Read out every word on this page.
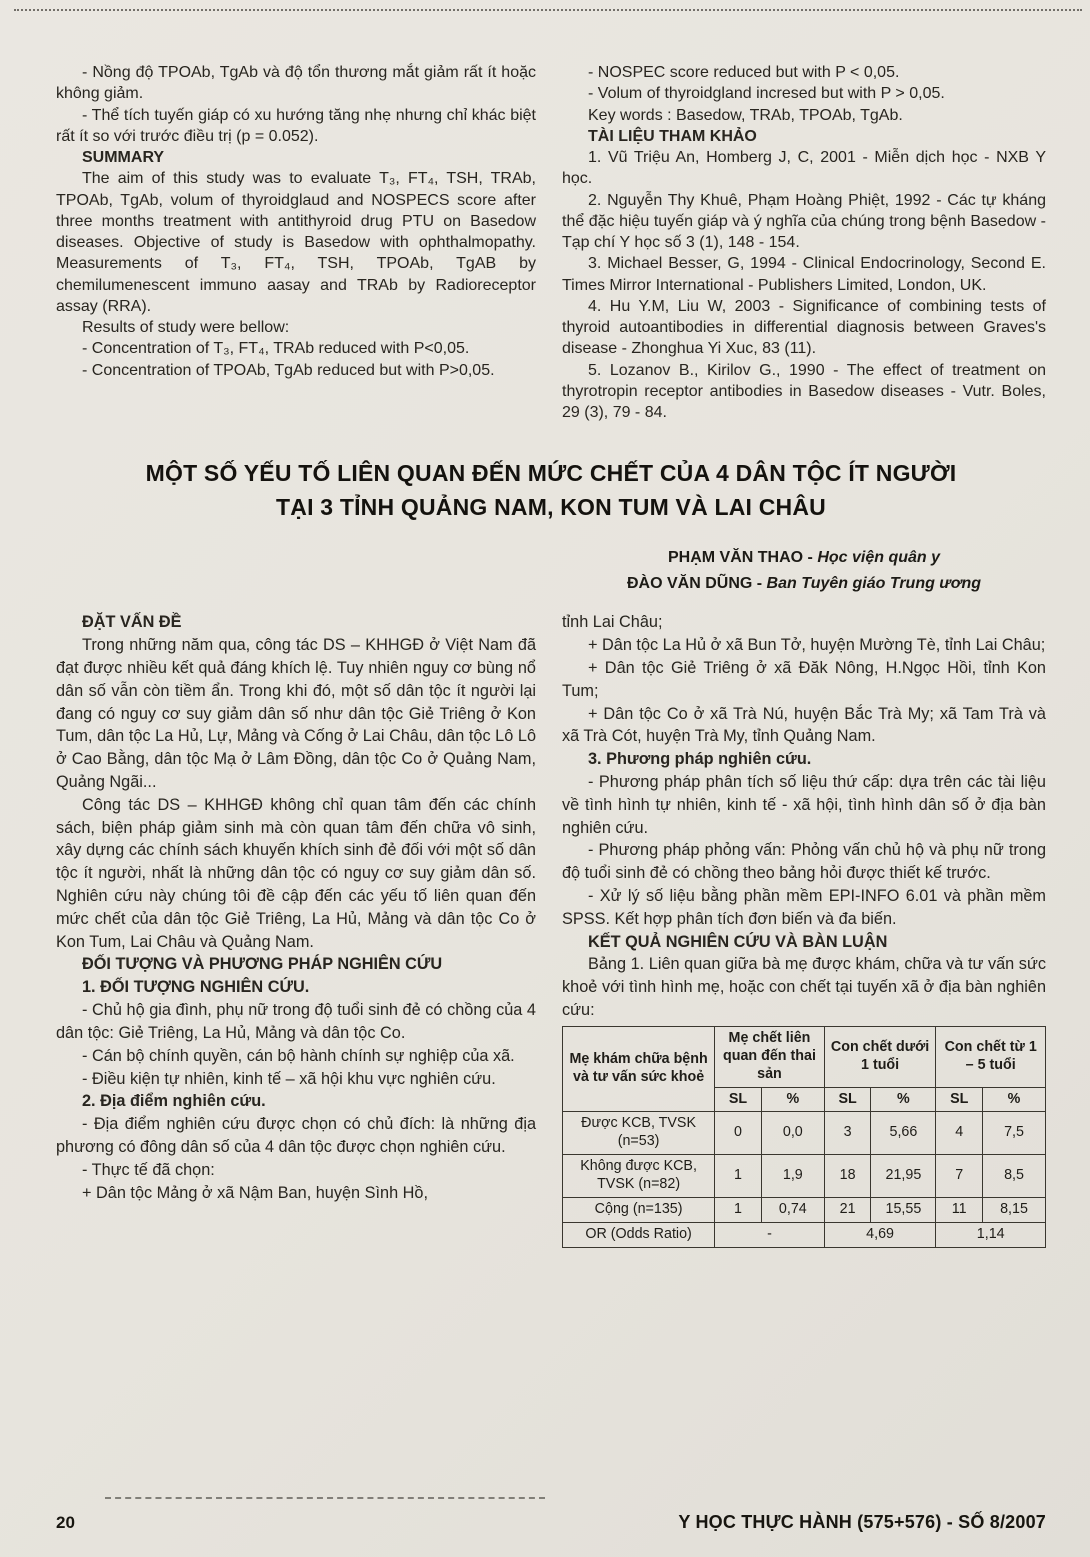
- Nồng độ TPOAb, TgAb và độ tổn thương mắt giảm rất ít hoặc không giảm.

- Thể tích tuyến giáp có xu hướng tăng nhẹ nhưng chỉ khác biệt rất ít so với trước điều trị (p = 0.052).

SUMMARY

The aim of this study was to evaluate T₃, FT₄, TSH, TRAb, TPOAb, TgAb, volum of thyroidglaud and NOSPECS score after three months treatment with antithyroid drug PTU on Basedow diseases. Objective of study is Basedow with ophthalmopathy. Measurements of T₃, FT₄, TSH, TPOAb, TgAB by chemilumenescent immuno aasay and TRAb by Radioreceptor assay (RRA).

Results of study were bellow:

- Concentration of T₃, FT₄, TRAb reduced with P<0,05.

- Concentration of TPOAb, TgAb reduced but with P>0,05.

- NOSPEC score reduced but with P < 0,05.

- Volum of thyroidgland incresed but with P > 0,05.

Key words : Basedow, TRAb, TPOAb, TgAb.

TÀI LIỆU THAM KHẢO

1. Vũ Triệu An, Homberg J, C, 2001 - Miễn dịch học - NXB Y học.

2. Nguyễn Thy Khuê, Phạm Hoàng Phiệt, 1992 - Các tự kháng thể đặc hiệu tuyến giáp và ý nghĩa của chúng trong bệnh Basedow - Tạp chí Y học số 3 (1), 148 - 154.

3. Michael Besser, G, 1994 - Clinical Endocrinology, Second E. Times Mirror International - Publishers Limited, London, UK.

4. Hu Y.M, Liu W, 2003 - Significance of combining tests of thyroid autoantibodies in differential diagnosis between Graves's disease - Zhonghua Yi Xuc, 83 (11).

5. Lozanov B., Kirilov G., 1990 - The effect of treatment on thyrotropin receptor antibodies in Basedow diseases - Vutr. Boles, 29 (3), 79 - 84.

MỘT SỐ YẾU TỐ LIÊN QUAN ĐẾN MỨC CHẾT CỦA 4 DÂN TỘC ÍT NGƯỜI
TẠI 3 TỈNH QUẢNG NAM, KON TUM VÀ LAI CHÂU
PHẠM VĂN THAO - Học viện quân y
ĐÀO VĂN DŨNG - Ban Tuyên giáo Trung ương

ĐẶT VẤN ĐỀ

Trong những năm qua, công tác DS – KHHGĐ ở Việt Nam đã đạt được nhiều kết quả đáng khích lệ. Tuy nhiên nguy cơ bùng nổ dân số vẫn còn tiềm ẩn. Trong khi đó, một số dân tộc ít người lại đang có nguy cơ suy giảm dân số như dân tộc Giẻ Triêng ở Kon Tum, dân tộc La Hủ, Lự, Mảng và Cống ở Lai Châu, dân tộc Lô Lô ở Cao Bằng, dân tộc Mạ ở Lâm Đồng, dân tộc Co ở Quảng Nam, Quảng Ngãi...

Công tác DS – KHHGĐ không chỉ quan tâm đến các chính sách, biện pháp giảm sinh mà còn quan tâm đến chữa vô sinh, xây dựng các chính sách khuyến khích sinh đẻ đối với một số dân tộc ít người, nhất là những dân tộc có nguy cơ suy giảm dân số. Nghiên cứu này chúng tôi đề cập đến các yếu tố liên quan đến mức chết của dân tộc Giẻ Triêng, La Hủ, Mảng và dân tộc Co ở Kon Tum, Lai Châu và Quảng Nam.

ĐỐI TƯỢNG VÀ PHƯƠNG PHÁP NGHIÊN CỨU

1. ĐỐI TƯỢNG NGHIÊN CỨU.

- Chủ hộ gia đình, phụ nữ trong độ tuổi sinh đẻ có chồng của 4 dân tộc: Giẻ Triêng, La Hủ, Mảng và dân tộc Co.

- Cán bộ chính quyền, cán bộ hành chính sự nghiệp của xã.

- Điều kiện tự nhiên, kinh tế – xã hội khu vực nghiên cứu.

2. Địa điểm nghiên cứu.

- Địa điểm nghiên cứu được chọn có chủ đích: là những địa phương có đông dân số của 4 dân tộc được chọn nghiên cứu.

- Thực tế đã chọn:

+ Dân tộc Mảng ở xã Nậm Ban, huyện Sình Hồ,

tỉnh Lai Châu;

+ Dân tộc La Hủ ở xã Bun Tở, huyện Mường Tè, tỉnh Lai Châu;

+ Dân tộc Giẻ Triêng ở xã Đăk Nông, H.Ngọc Hồi, tỉnh Kon Tum;

+ Dân tộc Co ở xã Trà Nú, huyện Bắc Trà My; xã Tam Trà và xã Trà Cót, huyện Trà My, tỉnh Quảng Nam.

3. Phương pháp nghiên cứu.

- Phương pháp phân tích số liệu thứ cấp: dựa trên các tài liệu về tình hình tự nhiên, kinh tế - xã hội, tình hình dân số ở địa bàn nghiên cứu.

- Phương pháp phỏng vấn: Phỏng vấn chủ hộ và phụ nữ trong độ tuổi sinh đẻ có chồng theo bảng hỏi được thiết kế trước.

- Xử lý số liệu bằng phần mềm EPI-INFO 6.01 và phần mềm SPSS. Kết hợp phân tích đơn biến và đa biến.

KẾT QUẢ NGHIÊN CỨU VÀ BÀN LUẬN

Bảng 1. Liên quan giữa bà mẹ được khám, chữa và tư vấn sức khoẻ với tình hình mẹ, hoặc con chết tại tuyến xã ở địa bàn nghiên cứu:

Mẹ khám chữa bệnh và tư vấn sức khoẻ	Mẹ chết liên quan đến thai sản		Con chết dưới 1 tuổi		Con chết từ 1 – 5 tuổi	
	SL	%	SL	%	SL	%
Được KCB, TVSK (n=53)	0	0,0	3	5,66	4	7,5
Không được KCB, TVSK (n=82)	1	1,9	18	21,95	7	8,5
Cộng (n=135)	1	0,74	21	15,55	11	8,15
OR (Odds Ratio)	-		4,69		1,14	
20	Y HỌC THỰC HÀNH (575+576) - SỐ 8/2007
